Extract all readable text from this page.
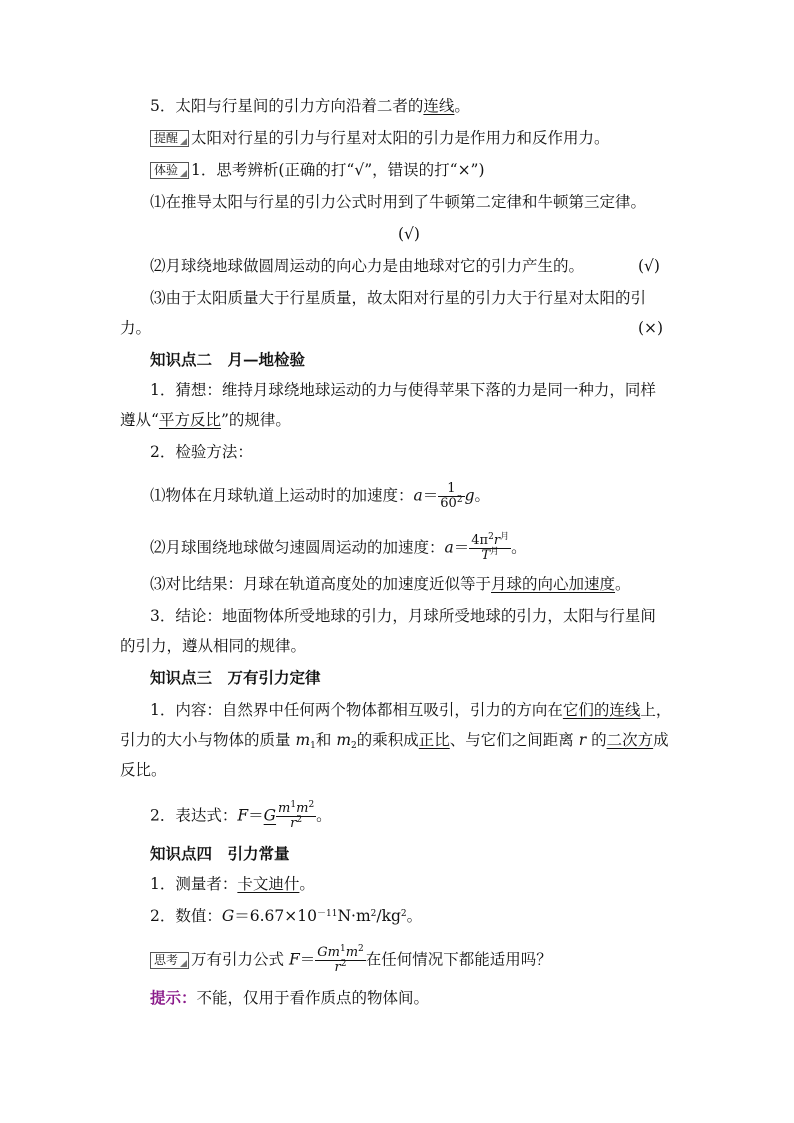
5．太阳与行星间的引力方向沿着二者的连线。
提醒 太阳对行星的引力与行星对太阳的引力是作用力和反作用力。
体验 1．思考辨析(正确的打“√”，错误的打“×”)
⑴在推导太阳与行星的引力公式时用到了牛顿第二定律和牛顿第三定律。
(√)
⑵月球绕地球做圆周运动的向心力是由地球对它的引力产生的。	(√)
⑶由于太阳质量大于行星质量，故太阳对行星的引力大于行星对太阳的引
力。	(×)
知识点二　月—地检验
1．猜想：维持月球绕地球运动的力与使得苹果下落的力是同一种力，同样
遵从“平方反比”的规律。
2．检验方法：
⑴物体在月球轨道上运动时的加速度：$a= \frac{1}{60^2}$ g。
⑵月球围绕地球做匀速圆周运动的加速度：$a= \frac{4\pi^2r^月}{T^月}$ 。
⑶对比结果：月球在轨道高度处的加速度近似等于月球的向心加速度。
3．结论：地面物体所受地球的引力，月球所受地球的引力，太阳与行星间
的引力，遵从相同的规律。
知识点三　万有引力定律
1．内容：自然界中任何两个物体都相互吸引，引力的方向在它们的连线上，
引力的大小与物体的质量 $m_1$和 $m_2$的乘积成正比、与它们之间距离 r 的二次方成
反比。
2．表达式：$F=G \frac{m^1m^2}{r^2}$ 。
知识点四　引力常量
1．测量者：卡文迪什。
2．数值：$G=6.67\times 10^{-11}N\cdot m^2/kg^2$。
思考 万有引力公式 $F= \frac{Gm^1m^2}{r^2}$ 在任何情况下都能适用吗？
提示：不能，仅用于看作质点的物体间。
